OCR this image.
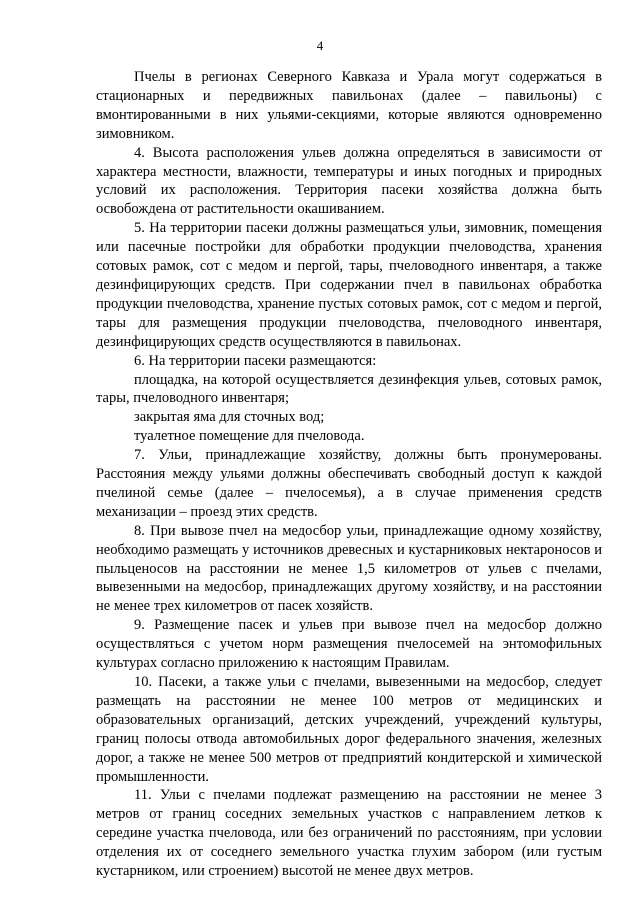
4

Пчелы в регионах Северного Кавказа и Урала могут содержаться в стационарных и передвижных павильонах (далее – павильоны) с вмонтированными в них ульями-секциями, которые являются одновременно зимовником.

4. Высота расположения ульев должна определяться в зависимости от характера местности, влажности, температуры и иных погодных и природных условий их расположения. Территория пасеки хозяйства должна быть освобождена от растительности окашиванием.

5. На территории пасеки должны размещаться ульи, зимовник, помещения или пасечные постройки для обработки продукции пчеловодства, хранения сотовых рамок, сот с медом и пергой, тары, пчеловодного инвентаря, а также дезинфицирующих средств. При содержании пчел в павильонах обработка продукции пчеловодства, хранение пустых сотовых рамок, сот с медом и пергой, тары для размещения продукции пчеловодства, пчеловодного инвентаря, дезинфицирующих средств осуществляются в павильонах.

6. На территории пасеки размещаются:

площадка, на которой осуществляется дезинфекция ульев, сотовых рамок, тары, пчеловодного инвентаря;

закрытая яма для сточных вод;

туалетное помещение для пчеловода.

7. Ульи, принадлежащие хозяйству, должны быть пронумерованы. Расстояния между ульями должны обеспечивать свободный доступ к каждой пчелиной семье (далее – пчелосемья), а в случае применения средств механизации – проезд этих средств.

8. При вывозе пчел на медосбор ульи, принадлежащие одному хозяйству, необходимо размещать у источников древесных и кустарниковых нектароносов и пыльценосов на расстоянии не менее 1,5 километров от ульев с пчелами, вывезенными на медосбор, принадлежащих другому хозяйству, и на расстоянии не менее трех километров от пасек хозяйств.

9. Размещение пасек и ульев при вывозе пчел на медосбор должно осуществляться с учетом норм размещения пчелосемей на энтомофильных культурах согласно приложению к настоящим Правилам.

10. Пасеки, а также ульи с пчелами, вывезенными на медосбор, следует размещать на расстоянии не менее 100 метров от медицинских и образовательных организаций, детских учреждений, учреждений культуры, границ полосы отвода автомобильных дорог федерального значения, железных дорог, а также не менее 500 метров от предприятий кондитерской и химической промышленности.

11. Ульи с пчелами подлежат размещению на расстоянии не менее 3 метров от границ соседних земельных участков с направлением летков к середине участка пчеловода, или без ограничений по расстояниям, при условии отделения их от соседнего земельного участка глухим забором (или густым кустарником, или строением) высотой не менее двух метров.
